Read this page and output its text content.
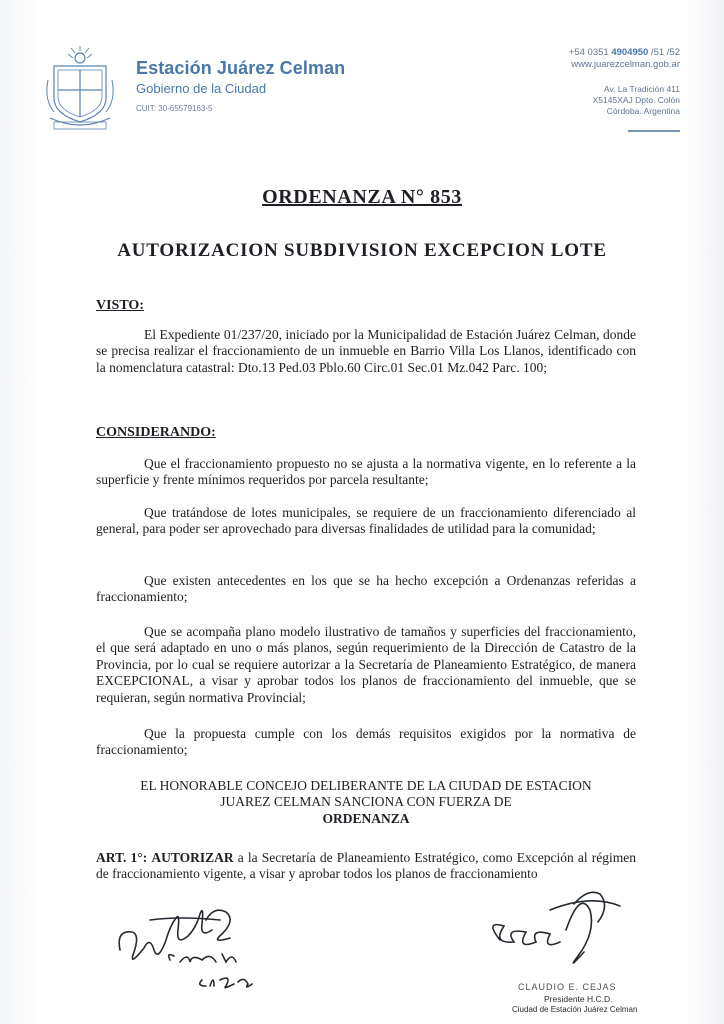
Estación Juárez Celman
Gobierno de la Ciudad
CUIT: 30-65579163-5
+54 0351 4904950 /51 /52
www.juarezcelman.gob.ar
Av. La Tradición 411
X5145XAJ Dpto. Colón
Córdoba. Argentina
ORDENANZA N° 853
AUTORIZACION SUBDIVISION EXCEPCION LOTE
VISTO:
El Expediente 01/237/20, iniciado por la Municipalidad de Estación Juárez Celman, donde se precisa realizar el fraccionamiento de un inmueble en Barrio Villa Los Llanos, identificado con la nomenclatura catastral: Dto.13 Ped.03 Pblo.60 Circ.01 Sec.01 Mz.042 Parc. 100;
CONSIDERANDO:
Que el fraccionamiento propuesto no se ajusta a la normativa vigente, en lo referente a la superficie y frente mínimos requeridos por parcela resultante;
Que tratándose de lotes municipales, se requiere de un fraccionamiento diferenciado al general, para poder ser aprovechado para diversas finalidades de utilidad para la comunidad;
Que existen antecedentes en los que se ha hecho excepción a Ordenanzas referidas a fraccionamiento;
Que se acompaña plano modelo ilustrativo de tamaños y superficies del fraccionamiento, el que será adaptado en uno o más planos, según requerimiento de la Dirección de Catastro de la Provincia, por lo cual se requiere autorizar a la Secretaría de Planeamiento Estratégico, de manera EXCEPCIONAL, a visar y aprobar todos los planos de fraccionamiento del inmueble, que se requieran, según normativa Provincial;
Que la propuesta cumple con los demás requisitos exigidos por la normativa de fraccionamiento;
EL HONORABLE CONCEJO DELIBERANTE DE LA CIUDAD DE ESTACION
JUAREZ CELMAN SANCIONA CON FUERZA DE
ORDENANZA
ART. 1°: AUTORIZAR a la Secretaría de Planeamiento Estratégico, como Excepción al régimen de fraccionamiento vigente, a visar y aprobar todos los planos de fraccionamiento
sec. Tera
Ad Hoc	CLAUDIO E. CEJAS
Presidente H.C.D.
Ciudad de Estación Juárez Celman
